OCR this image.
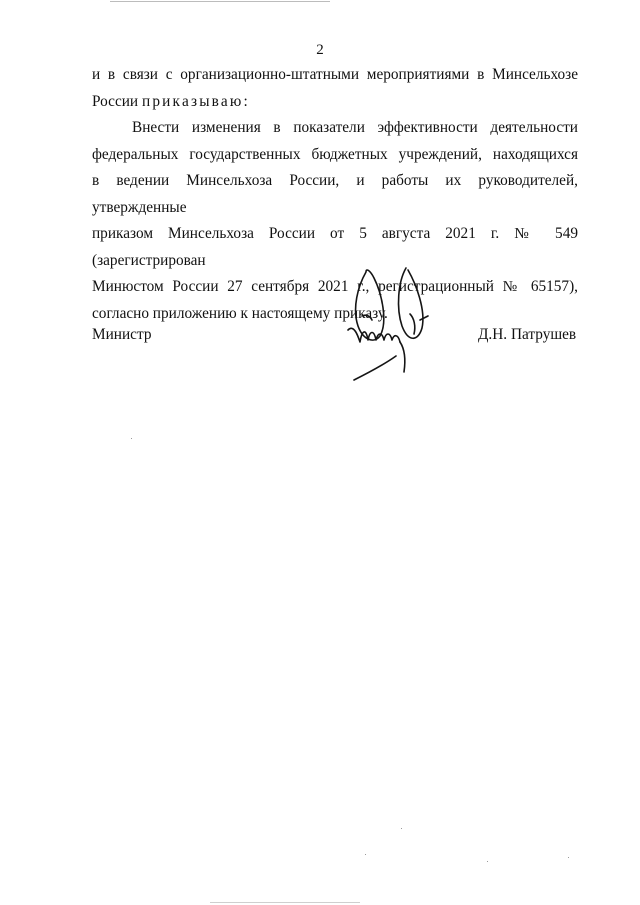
2
и в связи с организационно-штатными мероприятиями в Минсельхозе
России приказываю:
Внести изменения в показатели эффективности деятельности
федеральных государственных бюджетных учреждений, находящихся
в ведении Минсельхоза России, и работы их руководителей, утвержденные
приказом Минсельхоза России от 5 августа 2021 г. № 549 (зарегистрирован
Минюстом России 27 сентября 2021 г., регистрационный № 65157),
согласно приложению к настоящему приказу.
Министр	Д.Н. Патрушев
